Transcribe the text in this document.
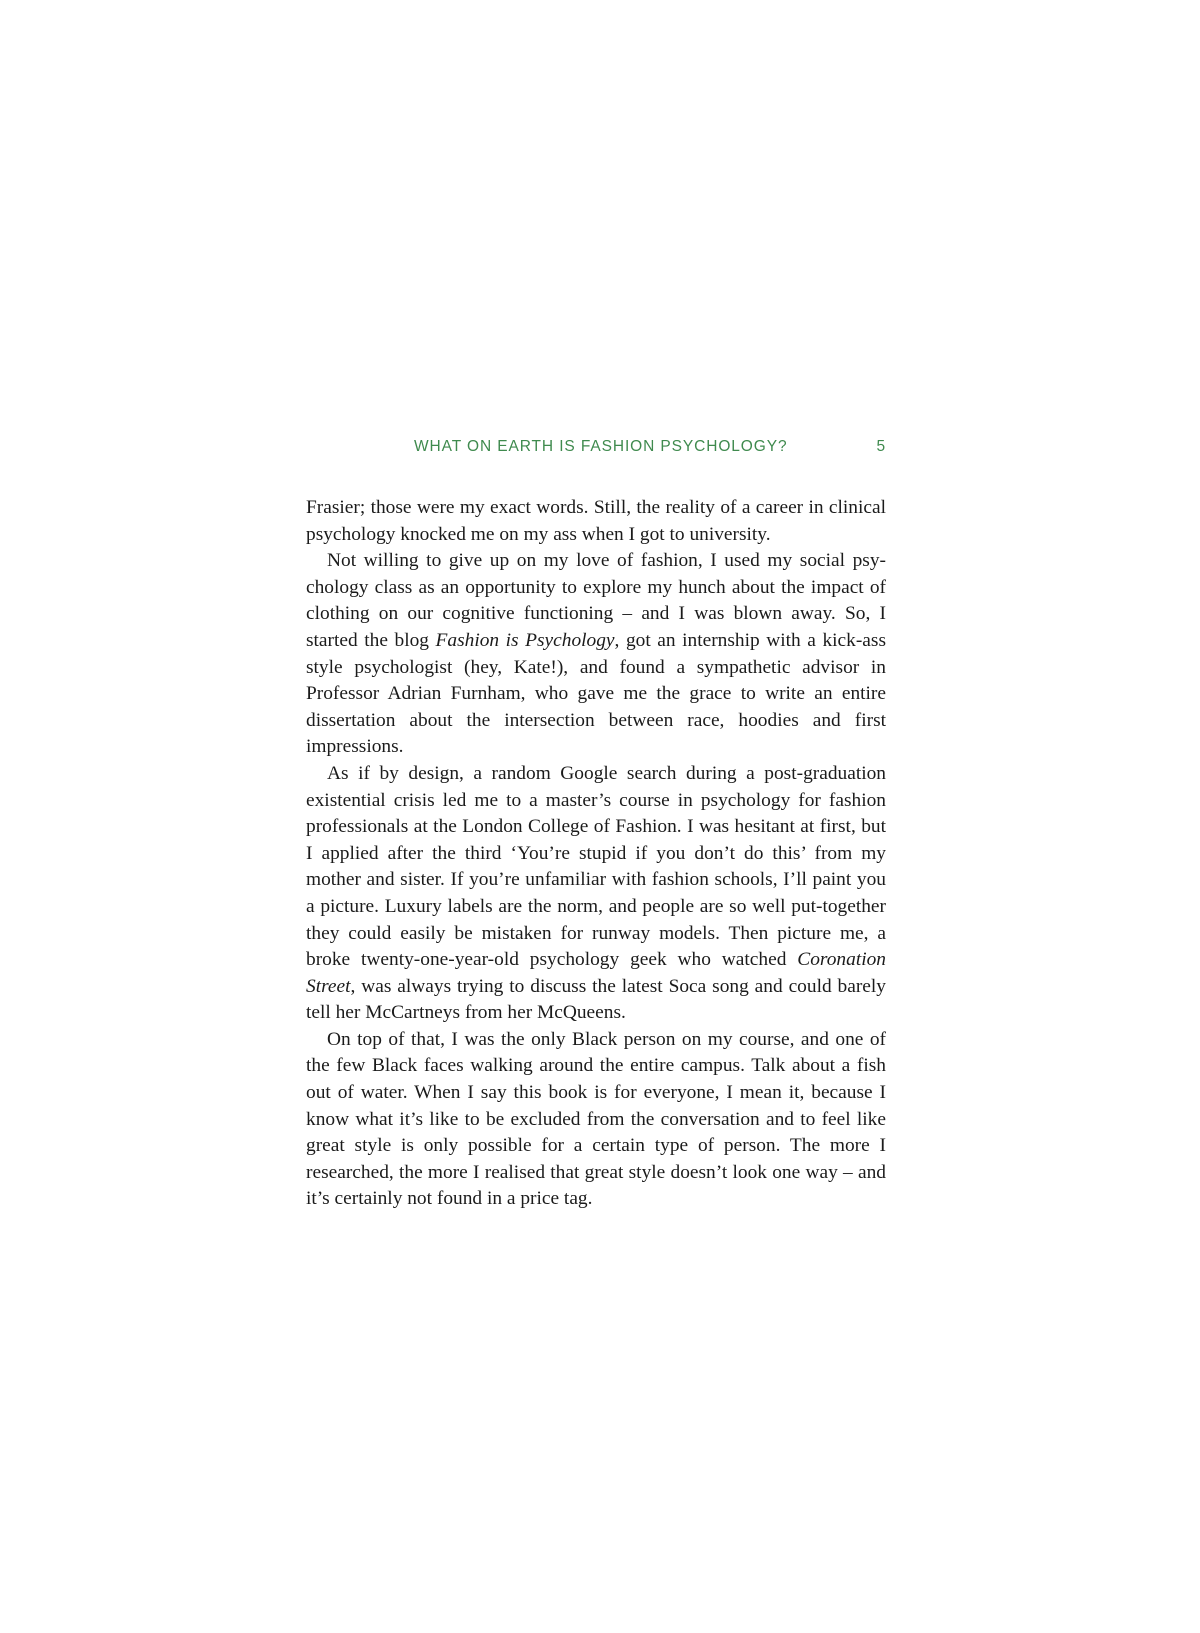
WHAT ON EARTH IS FASHION PSYCHOLOGY?	5

Frasier; those were my exact words. Still, the reality of a career in clinical psychology knocked me on my ass when I got to university.

Not willing to give up on my love of fashion, I used my social psychology class as an opportunity to explore my hunch about the impact of clothing on our cognitive functioning – and I was blown away. So, I started the blog Fashion is Psychology, got an internship with a kick-ass style psychologist (hey, Kate!), and found a sympathetic advisor in Professor Adrian Furnham, who gave me the grace to write an entire dissertation about the intersection between race, hoodies and first impressions.

As if by design, a random Google search during a post-graduation existential crisis led me to a master’s course in psychology for fashion professionals at the London College of Fashion. I was hesitant at first, but I applied after the third ‘You’re stupid if you don’t do this’ from my mother and sister. If you’re unfamiliar with fashion schools, I’ll paint you a picture. Luxury labels are the norm, and people are so well put-together they could easily be mistaken for runway models. Then picture me, a broke twenty-one-year-old psychology geek who watched Coronation Street, was always trying to discuss the latest Soca song and could barely tell her McCartneys from her McQueens.

On top of that, I was the only Black person on my course, and one of the few Black faces walking around the entire campus. Talk about a fish out of water. When I say this book is for everyone, I mean it, because I know what it’s like to be excluded from the conversation and to feel like great style is only possible for a certain type of person. The more I researched, the more I realised that great style doesn’t look one way – and it’s certainly not found in a price tag.
